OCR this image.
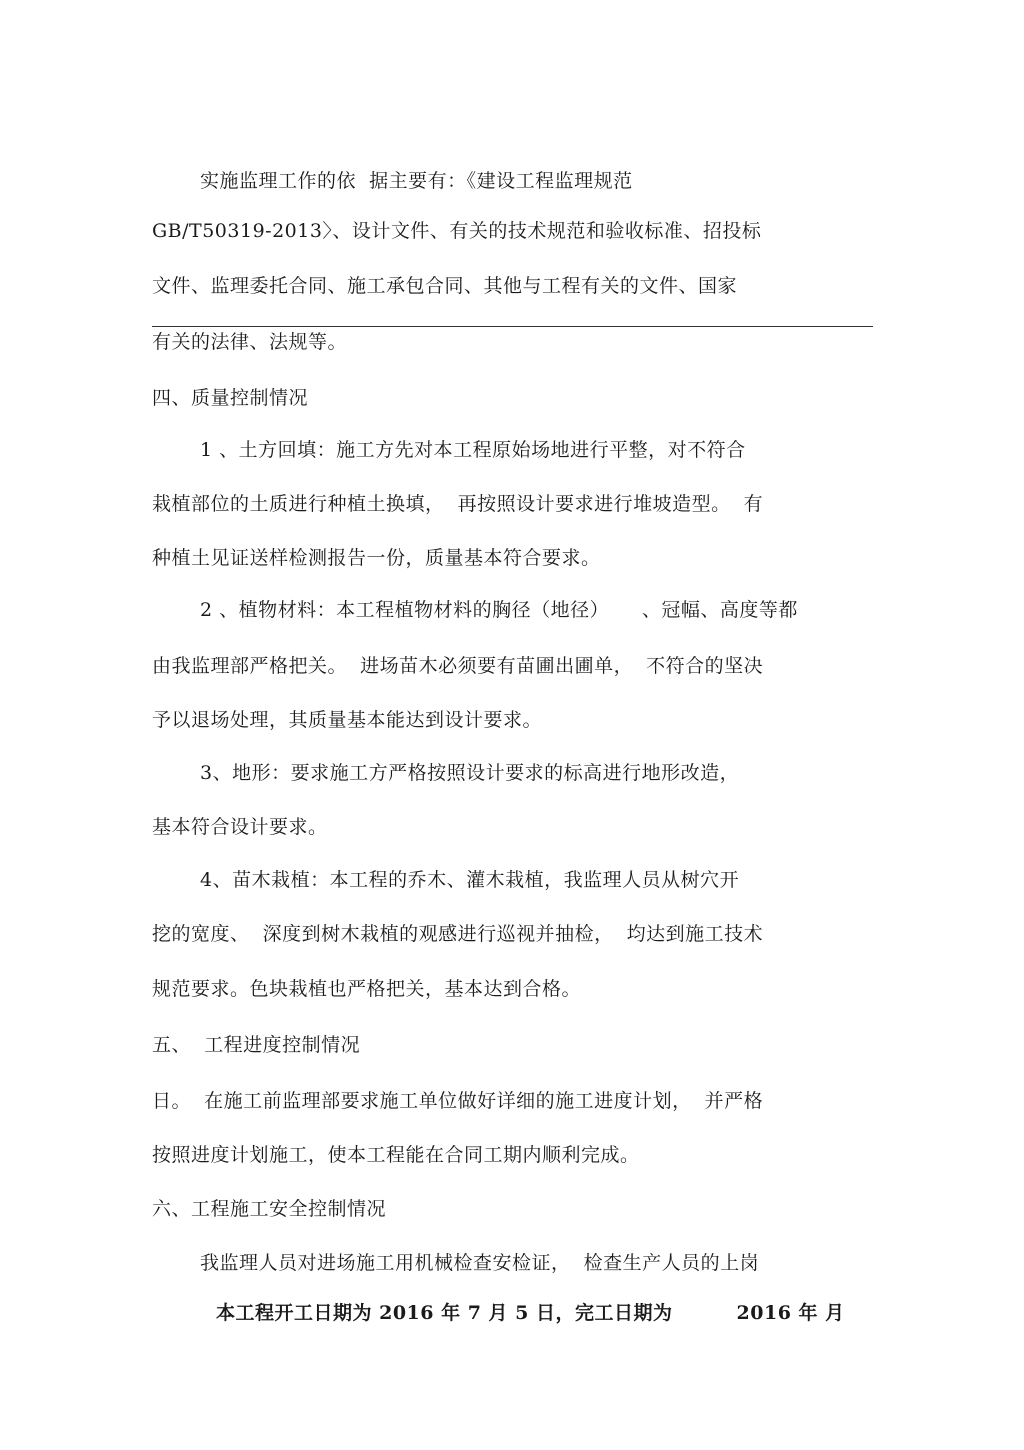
实施监理工作的依  据主要有：《建设工程监理规范
GB/T50319-2013〉、设计文件、有关的技术规范和验收标准、招投标
文件、监理委托合同、施工承包合同、其他与工程有关的文件、国家
有关的法律、法规等。
四、质量控制情况
1 、土方回填：施工方先对本工程原始场地进行平整，对不符合
栽植部位的土质进行种植土换填，  再按照设计要求进行堆坡造型。  有
种植土见证送样检测报告一份，质量基本符合要求。
2 、植物材料：本工程植物材料的胸径（地径）     、冠幅、高度等都
由我监理部严格把关。  进场苗木必须要有苗圃出圃单，  不符合的坚决
予以退场处理，其质量基本能达到设计要求。
3、地形：要求施工方严格按照设计要求的标高进行地形改造，
基本符合设计要求。
4、苗木栽植：本工程的乔木、灌木栽植，我监理人员从树穴开
挖的宽度、  深度到树木栽植的观感进行巡视并抽检，  均达到施工技术
规范要求。色块栽植也严格把关，基本达到合格。
五、  工程进度控制情况
日。  在施工前监理部要求施工单位做好详细的施工进度计划，  并严格
按照进度计划施工，使本工程能在合同工期内顺利完成。
六、工程施工安全控制情况
我监理人员对进场施工用机械检查安检证，  检查生产人员的上岗
本工程开工日期为 2016 年 7 月 5 日，完工日期为         2016 年 月
